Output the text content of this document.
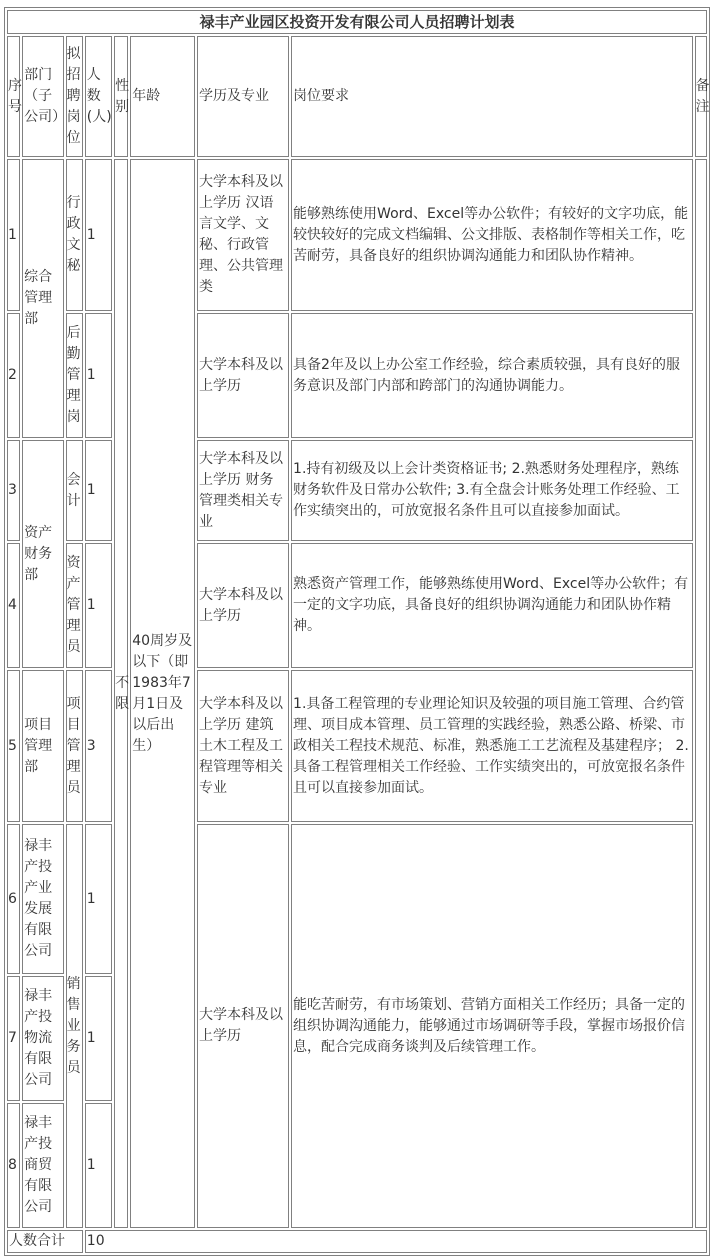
禄丰产业园区投资开发有限公司人员招聘计划表								
序号	部门（子公司）	拟招聘岗位	人数(人)	性别	年龄	学历及专业	岗位要求	备注
1	综合管理部	行政文秘	1	不限	40周岁及以下（即1983年7月1日及以后出生）	大学本科及以上学历 汉语言文学、文秘、行政管理、公共管理类	能够熟练使用Word、Excel等办公软件；有较好的文字功底，能较快较好的完成文档编辑、公文排版、表格制作等相关工作，吃苦耐劳，具备良好的组织协调沟通能力和团队协作精神。	
2		后勤管理岗	1			大学本科及以上学历	具备2年及以上办公室工作经验，综合素质较强，具有良好的服务意识及部门内部和跨部门的沟通协调能力。	
3	资产财务部	会计	1			大学本科及以上学历 财务管理类相关专业	1.持有初级及以上会计类资格证书; 2.熟悉财务处理程序，熟练财务软件及日常办公软件; 3.有全盘会计账务处理工作经验、工作实绩突出的，可放宽报名条件且可以直接参加面试。	
4		资产管理员	1			大学本科及以上学历	熟悉资产管理工作，能够熟练使用Word、Excel等办公软件；有一定的文字功底，具备良好的组织协调沟通能力和团队协作精神。	
5	项目管理部	项目管理员	3			大学本科及以上学历 建筑土木工程及工程管理等相关专业	1.具备工程管理的专业理论知识及较强的项目施工管理、合约管理、项目成本管理、员工管理的实践经验，熟悉公路、桥梁、市政相关工程技术规范、标准，熟悉施工工艺流程及基建程序； 2.具备工程管理相关工作经验、工作实绩突出的，可放宽报名条件且可以直接参加面试。	
6	禄丰产投产业发展有限公司	销售业务员	1			大学本科及以上学历	能吃苦耐劳，有市场策划、营销方面相关工作经历；具备一定的组织协调沟通能力，能够通过市场调研等手段，掌握市场报价信息，配合完成商务谈判及后续管理工作。	
7	禄丰产投物流有限公司		1					
8	禄丰产投商贸有限公司		1					
人数合计			10					
